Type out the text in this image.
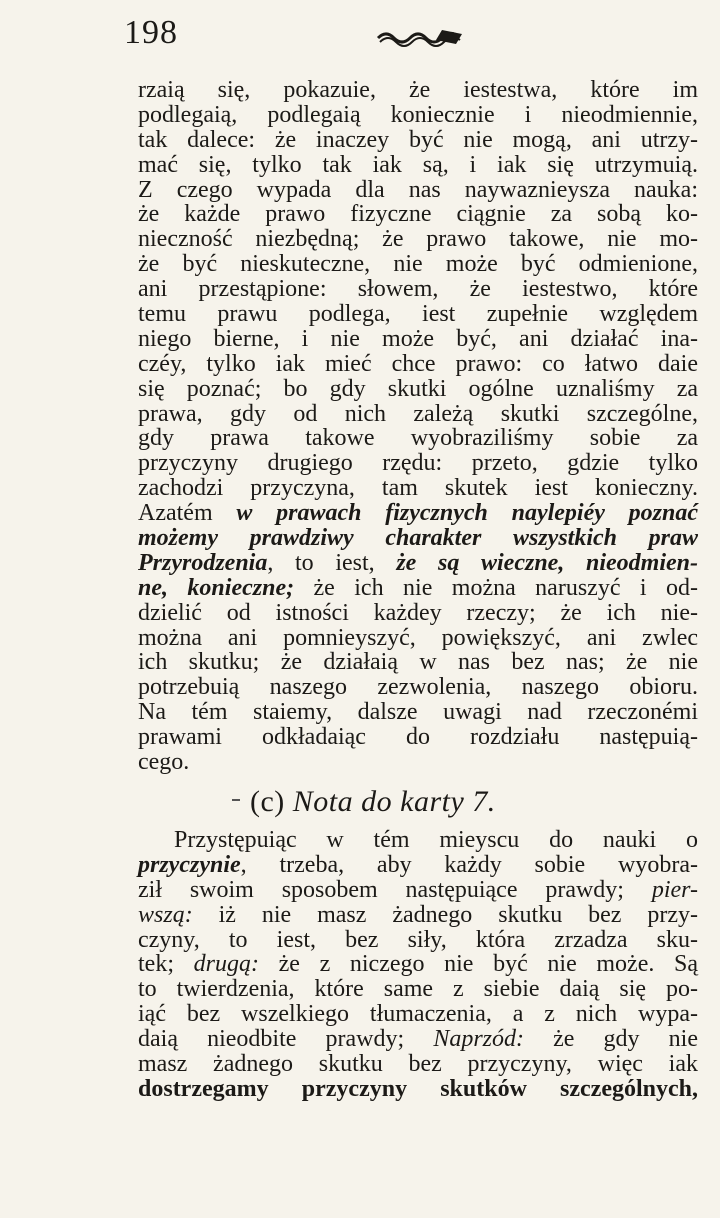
198
rzaią się, pokazuie, że iestestwa, które im
podlegaią, podlegaią koniecznie i nieodmiennie,
tak dalece: że inaczey być nie mogą, ani utrzy-
mać się, tylko tak iak są, i iak się utrzymuią.
Z czego wypada dla nas naywaznieysza nauka:
że każde prawo fizyczne ciągnie za sobą ko-
nieczność niezbędną; że prawo takowe, nie mo-
że być nieskuteczne, nie może być odmienione,
ani przestąpione: słowem, że iestestwo, które
temu prawu podlega, iest zupełnie względem
niego bierne, i nie może być, ani działać ina-
czéy, tylko iak mieć chce prawo: co łatwo daie
się poznać; bo gdy skutki ogólne uznaliśmy za
prawa, gdy od nich zależą skutki szczególne,
gdy prawa takowe wyobraziliśmy sobie za
przyczyny drugiego rzędu: przeto, gdzie tylko
zachodzi przyczyna, tam skutek iest konieczny.
Azatém w prawach fizycznych naylepiéy poznać
możemy prawdziwy charakter wszystkich praw
Przyrodzenia, to iest, że są wieczne, nieodmien-
ne, konieczne; że ich nie można naruszyć i od-
dzielić od istności każdey rzeczy; że ich nie-
można ani pomnieyszyć, powiększyć, ani zwlec
ich skutku; że działaią w nas bez nas; że nie
potrzebuią naszego zezwolenia, naszego obioru.
Na tém staiemy, dalsze uwagi nad rzeczonémi
prawami odkładaiąc do rozdziału następuią-
cego.
(c) Nota do karty 7.
Przystępuiąc w tém mieyscu do nauki o
przyczynie, trzeba, aby każdy sobie wyobra-
ził swoim sposobem następuiące prawdy; pier-
wszą: iż nie masz żadnego skutku bez przy-
czyny, to iest, bez siły, która zrzadza sku-
tek; drugą: że z niczego nie być nie może. Są
to twierdzenia, które same z siebie daią się po-
iąć bez wszelkiego tłumaczenia, a z nich wypa-
daią nieodbite prawdy; Naprzód: że gdy nie
masz żadnego skutku bez przyczyny, więc iak
dostrzegamy przyczyny skutków szczególnych,
